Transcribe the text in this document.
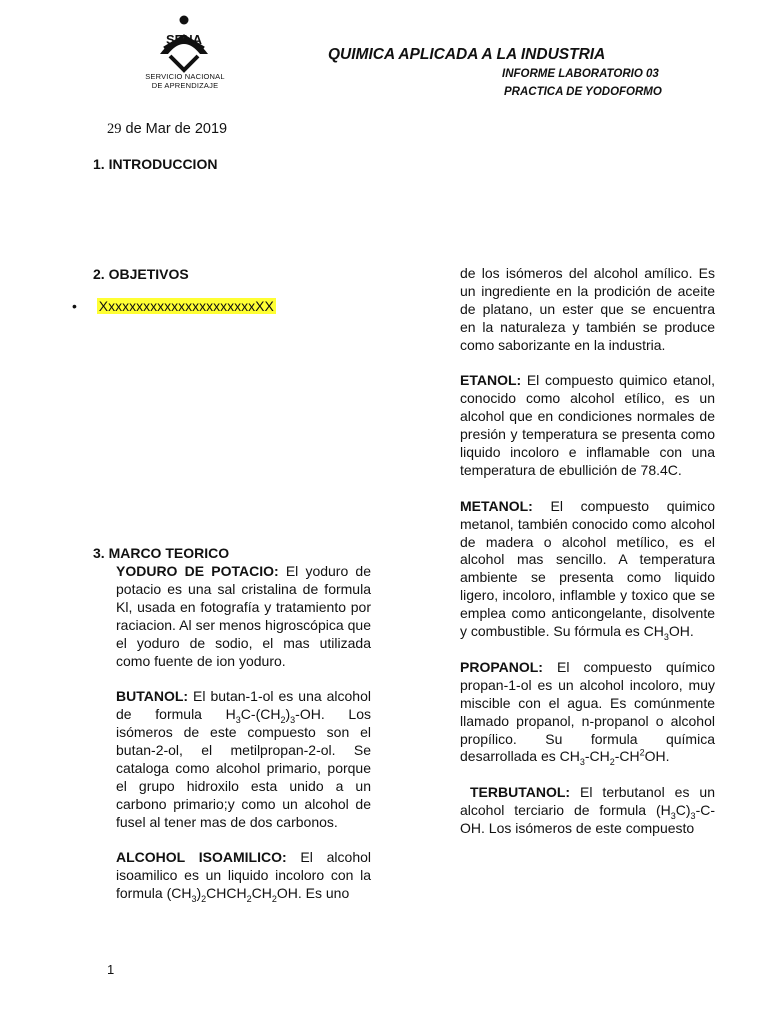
SENA
SERVICIO NACIONAL
DE APRENDIZAJE
QUIMICA APLICADA A LA INDUSTRIA
INFORME LABORATORIO 03
PRACTICA DE YODOFORMO
29 de Mar de 2019
1. INTRODUCCION
2. OBJETIVOS
• XxxxxxxxxxxxxxxxxxxxxxXX
3. MARCO TEORICO

YODURO DE POTACIO: El yoduro de potacio es una sal cristalina de formula Kl, usada en fotografía y tratamiento por raciacion. Al ser menos higroscópica que el yoduro de sodio, el mas utilizada como fuente de ion yoduro.

BUTANOL: El butan-1-ol es una alcohol de formula $H_3C-(CH_2)_3-OH$. Los isómeros de este compuesto son el butan-2-ol, el metilpropan-2-ol. Se cataloga como alcohol primario, porque el grupo hidroxilo esta unido a un carbono primario;y como un alcohol de fusel al tener mas de dos carbonos.

ALCOHOL ISOAMILICO: El alcohol isoamilico es un liquido incoloro con la formula $(CH_3)_2CHCH_2CH_2OH$. Es uno

de los isómeros del alcohol amílico. Es un ingrediente en la prodición de aceite de platano, un ester que se encuentra en la naturaleza y también se produce como saborizante en la industria.

ETANOL: El compuesto quimico etanol, conocido como alcohol etílico, es un alcohol que en condiciones normales de presión y temperatura se presenta como liquido incoloro e inflamable con una temperatura de ebullición de 78.4C.

METANOL: El compuesto quimico metanol, también conocido como alcohol de madera o alcohol metílico, es el alcohol mas sencillo. A temperatura ambiente se presenta como liquido ligero, incoloro, inflamble y toxico que se emplea como anticongelante, disolvente y combustible. Su fórmula es $CH_3OH$.

PROPANOL: El compuesto químico propan-1-ol es un alcohol incoloro, muy miscible con el agua. Es comúnmente llamado propanol, n-propanol o alcohol propílico. Su formula química desarrollada es $CH_3-CH_2-CH^2OH$.

TERBUTANOL: El terbutanol es un alcohol terciario de formula $(H_3C)_3-C-OH$. Los isómeros de este compuesto

1
